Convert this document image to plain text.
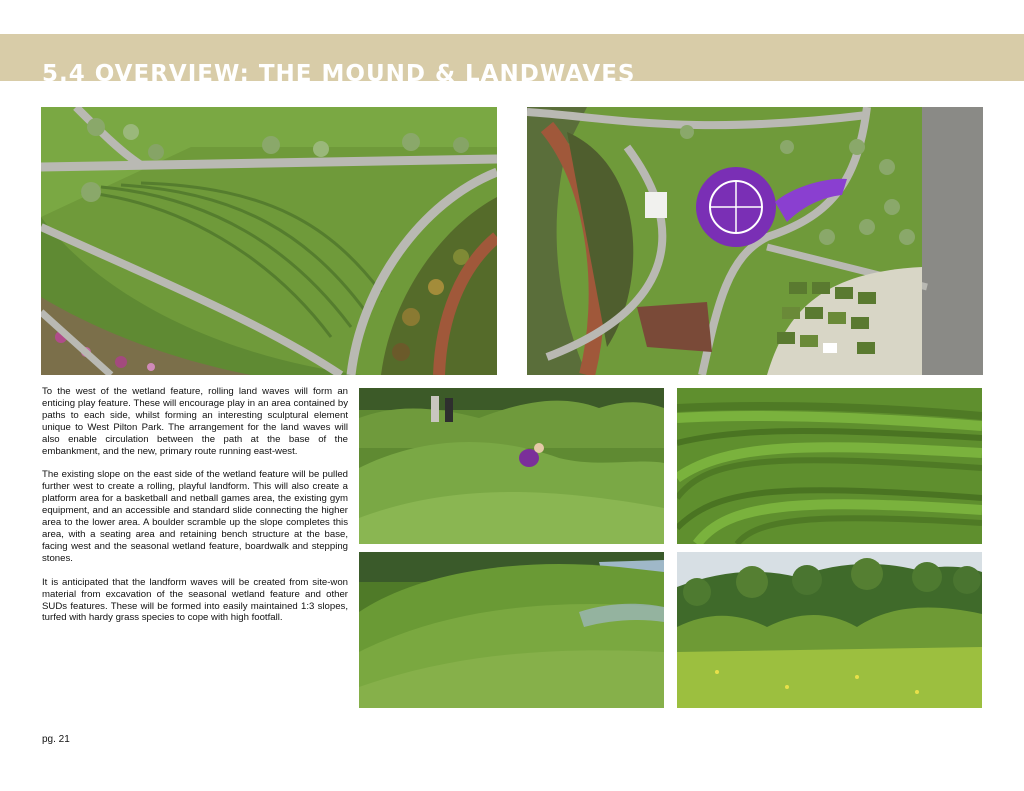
5.4 OVERVIEW: THE MOUND & LANDWAVES

To the west of the wetland feature, rolling land waves will form an enticing play feature. These will encourage play in an area contained by paths to each side, whilst forming an interesting sculptural element unique to West Pilton Park. The arrangement for the land waves will also enable circulation between the path at the base of the embankment, and the new, primary route running east-west.

The existing slope on the east side of the wetland feature will be pulled further west to create a rolling, playful landform. This will also create a platform area for a basketball and netball games area, the existing gym equipment, and an accessible and standard slide connecting the higher area to the lower area. A boulder scramble up the slope completes this area, with a seating area and retaining bench structure at the base, facing west and the seasonal wetland feature, boardwalk and stepping stones.

It is anticipated that the landform waves will be created from site-won material from excavation of the seasonal wetland feature and other SUDs features. These will be formed into easily maintained 1:3 slopes, turfed with hardy grass species to cope with high footfall.

pg. 21
